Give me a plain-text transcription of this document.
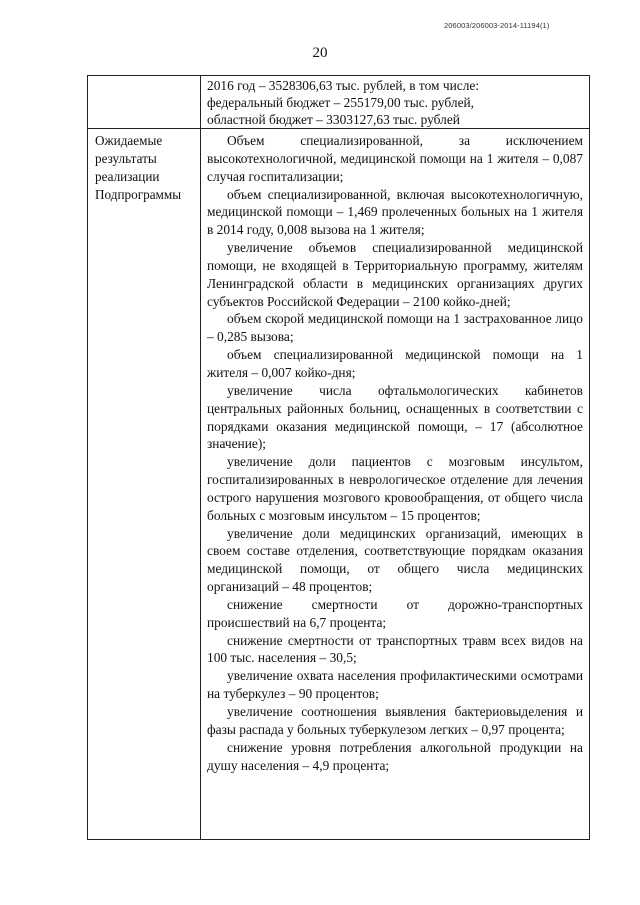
206003/206003-2014-11194(1)
20
2016 год – 3528306,63 тыс. рублей, в том числе:
федеральный бюджет – 255179,00 тыс. рублей,
областной бюджет – 3303127,63 тыс. рублей
Ожидаемые
результаты
реализации
Подпрограммы

Объем специализированной, за исключением высокотехнологичной, медицинской помощи на 1 жителя – 0,087 случая госпитализации;

объем специализированной, включая высокотехнологичную, медицинской помощи – 1,469 пролеченных больных на 1 жителя в 2014 году, 0,008 вызова на 1 жителя;

увеличение объемов специализированной медицинской помощи, не входящей в Территориальную программу, жителям Ленинградской области в медицинских организациях других субъектов Российской Федерации – 2100 койко-дней;

объем скорой медицинской помощи на 1 застрахованное лицо – 0,285 вызова;

объем специализированной медицинской помощи на 1 жителя – 0,007 койко-дня;

увеличение числа офтальмологических кабинетов центральных районных больниц, оснащенных в соответствии с порядками оказания медицинской помощи, – 17 (абсолютное значение);

увеличение доли пациентов с мозговым инсультом, госпитализированных в неврологическое отделение для лечения острого нарушения мозгового кровообращения, от общего числа больных с мозговым инсультом – 15 процентов;

увеличение доли медицинских организаций, имеющих в своем составе отделения, соответствующие порядкам оказания медицинской помощи, от общего числа медицинских организаций – 48 процентов;

снижение смертности от дорожно-транспортных происшествий на 6,7 процента;

снижение смертности от транспортных травм всех видов на 100 тыс. населения – 30,5;

увеличение охвата населения профилактическими осмотрами на туберкулез – 90 процентов;

увеличение соотношения выявления бактериовыделения и фазы распада у больных туберкулезом легких – 0,97 процента;

снижение уровня потребления алкогольной продукции на душу населения – 4,9 процента;
